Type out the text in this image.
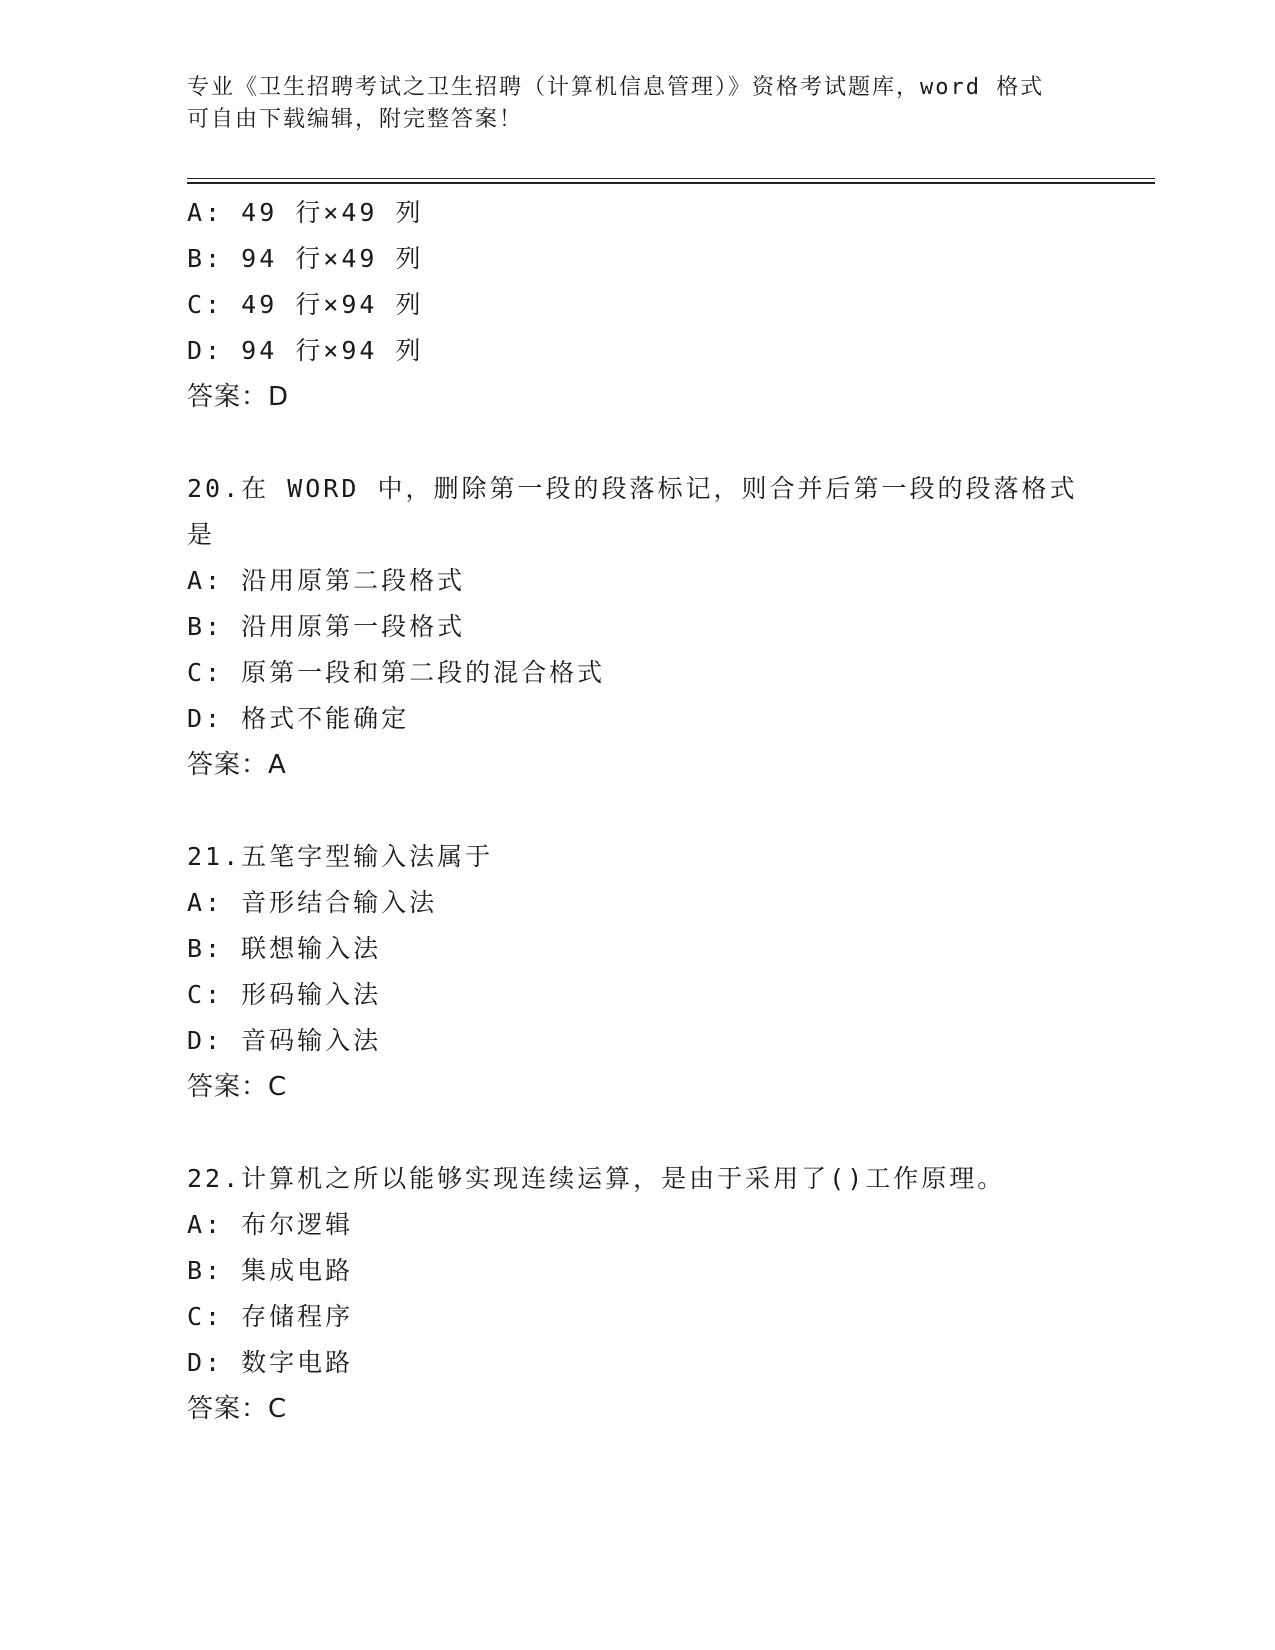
专业《卫生招聘考试之卫生招聘（计算机信息管理）》资格考试题库，word 格式
可自由下载编辑，附完整答案！
A: 49 行×49 列
B: 94 行×49 列
C: 49 行×94 列
D: 94 行×94 列
答案：D
20.在 WORD 中，删除第一段的段落标记，则合并后第一段的段落格式
是
A: 沿用原第二段格式
B: 沿用原第一段格式
C: 原第一段和第二段的混合格式
D: 格式不能确定
答案：A
21.五笔字型输入法属于
A: 音形结合输入法
B: 联想输入法
C: 形码输入法
D: 音码输入法
答案：C
22.计算机之所以能够实现连续运算，是由于采用了()工作原理。
A: 布尔逻辑
B: 集成电路
C: 存储程序
D: 数字电路
答案：C
